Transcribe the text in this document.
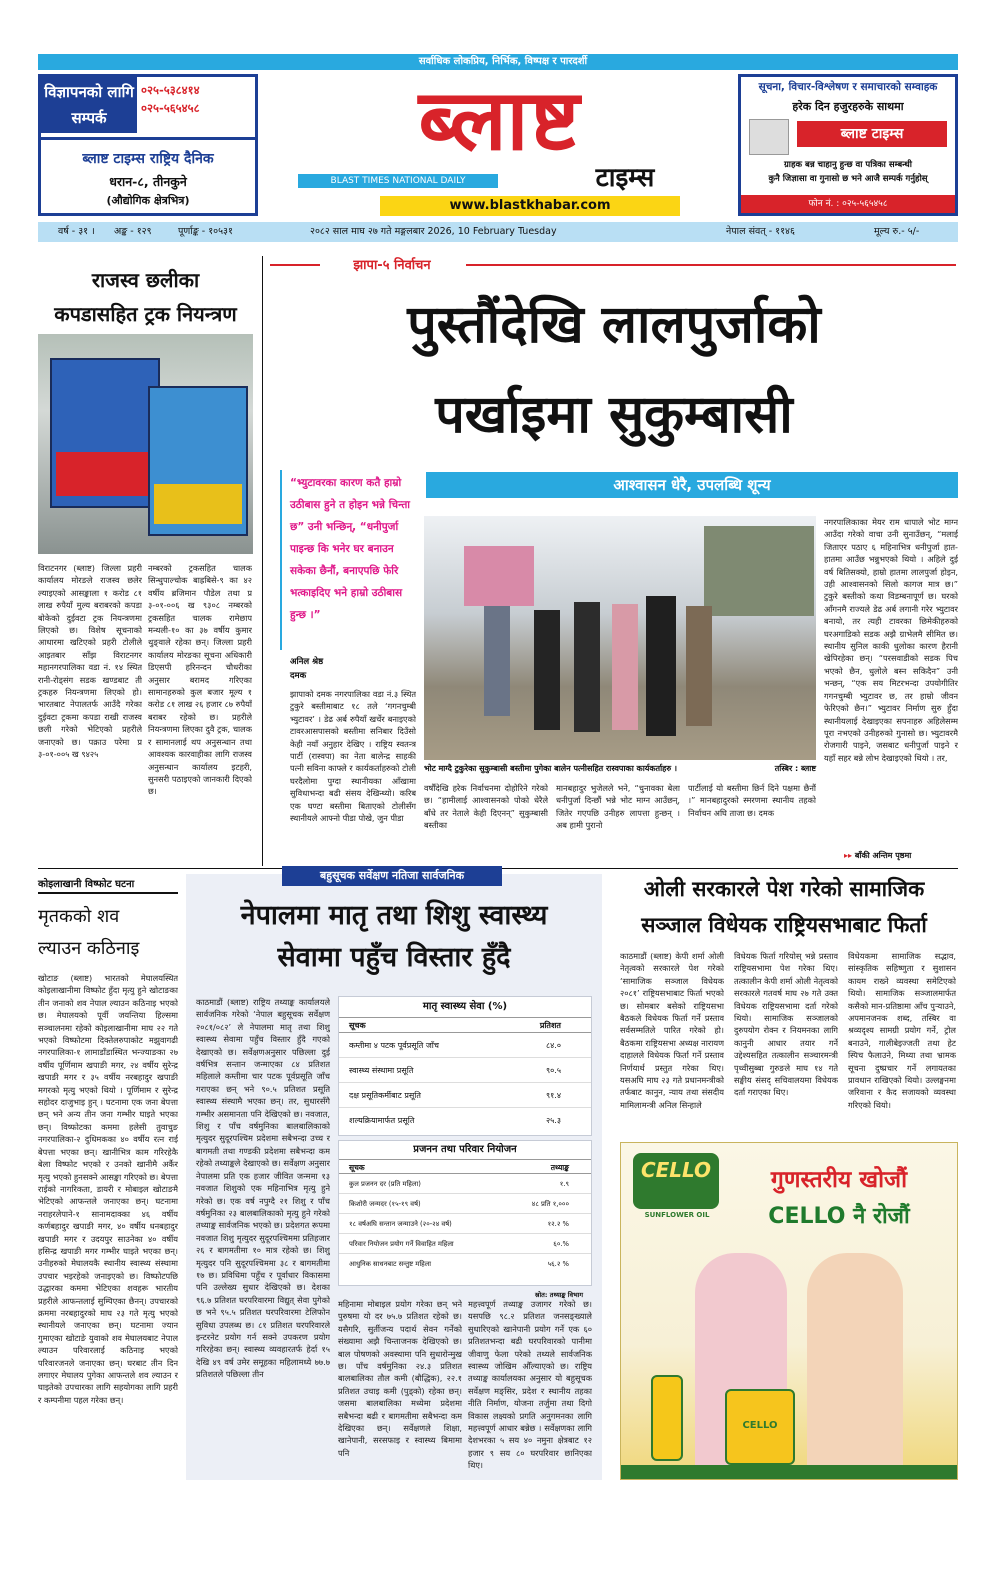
सर्वाधिक लोकप्रिय, निर्भिक, विष्पक्ष र पारदर्शी
विज्ञापनको लागि सम्पर्क
०२५-५३८४१४
०२५-५६५४५८
ब्लाष्ट टाइम्स राष्ट्रिय दैनिक
धरान-८, तीनकुने
(औद्योगिक क्षेत्रभित्र)
ब्लाष्ट
BLAST TIMES NATIONAL DAILY	टाइम्स
www.blastkhabar.com
सूचना, विचार-विश्लेषण र समाचारको सम्वाहक
हरेक दिन हजुरहरुके साथमा
ब्लाष्ट टाइम्स
ग्राहक बन्न चाहानु हुन्छ वा पत्रिका सम्बन्धी
कुनै जिज्ञासा वा गुनासो छ भने आजै सम्पर्क गर्नुहोस्
फोन नं. : ०२५-५६५४५८
वर्ष - ३१ । अङ्क - १२९	पूर्णाङ्क - १०५३१	२०८२ साल माघ २७ गते मङ्गलबार 2026, 10 February Tuesday	नेपाल संवत् - ११४६	मूल्य रु.- ५/-
राजस्व छलीका
कपडासहित ट्रक नियन्त्रण
विराटनगर (ब्लाष्ट) जिल्ला प्रहरी कार्यालय मोरङले राजस्व छलेर ल्याइएको आसङ्काला १ करोड ८१ लाख रुपैयाँ मुल्य बराबरको कपडा बोकेको दुईवटा ट्रक नियन्त्रणमा लिएको छ। विशेष सूचनाको आधारमा खटिएको प्रहरी टोलीले आइतबार साँझ विराटनगर महानगरपालिका वडा नं. १४ स्थित रानी-रोड्संग सडक खण्डबाट ती ट्रकहरु नियन्त्रणमा लिएको हो। भारतबाट नेपालतर्फ आउँदै गरेका दुईवटा ट्रकमा कपडा राखी राजस्व छली गरेको भेटिएको प्रहरीले जनाएको छ। पक्राउ परेमा प्र ३-०१-००५ ख ९४२५
नम्बरको ट्रकसहित चालक सिन्धुपाल्चोक बाह्रबिसे-९ का ४२ वर्षीय ब्रजिमान पौडेल तथा प्र ३-०१-००६ ख ९३०८ नम्बरको ट्रकसहित चालक रामेछाप मन्थली-१० का ३७ वर्षीय कुमार थुङ्वाले रहेका छन्। जिल्ला प्रहरी कार्यालय मोरङका सूचना अधिकारी डिएसपी हरिनन्दन चौधरीका अनुसार बरामद गरिएका सामानहरुको कुल बजार मूल्य १ करोड ८१ लाख २६ हजार ८७ रुपैयाँ बराबर रहेको छ। प्रहरीले नियन्त्रणमा लिएका दुवै ट्रक, चालक र सामानलाई थप अनुसन्धान तथा आवश्यक कारवाहीका लागि राजस्व अनुसन्धान कार्यालय इटहरी, सुनसरी पठाइएको जानकारी दिएको छ।
झापा-५ निर्वाचन
पुस्तौंदेखि लालपुर्जाको
पर्खाइमा सुकुम्बासी
आश्वासन धेरै, उपलब्धि शून्य
“भ्युटावरका कारण कतै हाम्रो उठीबास हुने त होइन भन्ने चिन्ता छ” उनी भन्छिन्, “धनीपुर्जा पाइन्छ कि भनेर घर बनाउन सकेका छैनौं, बनाएपछि फेरि भत्काइदिए भने हाम्रो उठीबास हुन्छ ।”
अनिल श्रेष्ठ
दमक
झापाको दमक नगरपालिका वडा नं.३ स्थित टुकुरे बस्तीमाबाट १८ तले ‘गगनचुम्बी भ्युटावर’ । डेढ अर्ब रुपैयाँ खर्चेर बनाइएको टावरआसपासको बस्तीमा सनिबार दिउँसो केही नयाँ अनुहार देखिए । राष्ट्रिय स्वतन्त्र पार्टी (रास्वपा) का नेता बालेन्द्र साहकी पत्नी सविना काफ्ले र कार्यकर्ताहरुको टोली घरदैलोमा पुग्दा स्थानीयका आँखामा सुविधाभन्दा बढी संसय देखिन्थ्यो। करिब एक घण्टा बस्तीमा बिताएको टोलीसँग स्थानीयले आफ्नो पीडा पोखे, जुन पीडा
भोट माग्दै टुकुरेका सुकुम्बासी बस्तीमा पुगेका बालेन पत्नीसहित रास्वपाका कार्यकर्ताहरु ।	तस्बिर : ब्लाष्ट
वर्षौंदेखि हरेक निर्वाचनमा दोहोरिने गरेको छ। “हामीलाई आश्वासनको पोको धेरैले बाँधे तर नेताले केही दिएनन्” सुकुम्बासी बस्तीका
मानबहादुर भुजेलले भने, “चुनावका बेला धनीपुर्जा दिन्छौं भन्ने भोट माग्न आउँछन्, जितेर गएपछि उनीहरु लापत्ता हुन्छन् । अब हामी पुरानो
पार्टीलाई यो बस्तीमा छिर्न दिने पक्षमा छैनौं ।” मानबहादुरको स्मरणमा स्थानीय तहको निर्वाचन अघि ताजा छ। दमक
नगरपालिकाका मेयर राम धापाले भोट माग्न आउँदा गरेको वाचा उनी सुनाउँछन्, “मलाई जिताएर पठाए ६ महिनाभित्र धनीपुर्जा हात-हातमा आउँछ भन्नुभएको थियो । अहिले दुई वर्ष बितिसक्यो, हाम्रो हातमा लालपुर्जा होइन, उही आश्वासनको सिलो कागज मात्र छ।” टुकुरे बस्तीको कथा विडम्बनापूर्ण छ। घरको आँगनमै राज्यले डेढ अर्ब लगानी गरेर भ्युटावर बनायो, तर त्यही टावरका छिमेकीहरुको घरअगाडिको सडक अझै ग्राभेलमै सीमित छ। स्थानीय सुनिल काकी धुलोका कारण हैरानी खेपिरहेका छन्। “परसवाडीको सडक पिच भएको छैन, धुलोले बस्न सकिदैन” उनी भन्छन्, “एक सय मिटरभन्दा उपयोगीतिर गगनचुम्बी भ्युटावर छ, तर हाम्रो जीवन फेरिएको छैन।” भ्युटावर निर्माण सुरु हुँदा स्थानीयलाई देखाइएका सपनाहरु अहिलेसम्म पूरा नभएको उनीहरुको गुनासो छ। भ्युटावरमै रोजगारी पाइने, जसबाट धनीपुर्जा पाइने र यहाँ सहर बन्ने लोभ देखाइएको थियो । तर,
▸▸ बाँकी अन्तिम पृष्ठमा
कोइलाखानी विष्फोट घटना
मृतकको शव
ल्याउन कठिनाइ
खोटाङ (ब्लाष्ट) भारतको मेघालयस्थित कोइलाखानीमा विष्फोट हुँदा मृत्यु हुने खोटाङका तीन जनाको शव नेपाल ल्याउन कठिनाइ भएको छ। मेघालयको पूर्वी जयन्तिया हिल्समा सञ्चालनमा रहेको कोइलाखानीमा माघ २२ गते भएको विष्फोटमा दिक्तेलरुपाकोट मझुवागढी नगरपालिका-१ लामाडाँडास्थित भन्ज्याङका २७ वर्षीय पूर्णिमाम खपाङी मगर, २४ वर्षीय सुरेन्द्र खपाङी मगर र ३५ वर्षीय नरबहादुर खपाङी मगरको मृत्यु भएको थियो । पूर्णिमाम र सुरेन्द्र सहोदर दाजुभाइ हुन् । घटनामा एक जना बेपत्ता छन् भने अन्य तीन जना गम्भीर घाइते भएका छन्। विष्फोटका कममा हलेसी तुवाचुङ नगरपालिका-२ दुधिमकका ४० वर्षीय रत्न राई बेपत्ता भएका छन्। खानीभित्र काम गरिरहेकै बेला विष्फोट भएको र उनको खानीमै अर्कैर मृत्यु भएको हुनसक्ने आसङ्का गरिएको छ। बेपत्ता राईको नागरिकता, डायरी र मोबाइल खोटाङमै भेटिएको आफन्तले जनाएका छन्। घटनामा नराहरलेपाने-१ सानामदाक्का ४६ वर्षीय कर्णबहादुर खपाङी मगर, ४० वर्षीय धनबहादुर खपाङी मगर र उदयपुर साउनेका ४० वर्षीय हसिन्द्र खपाङी मगर गम्भीर घाइते भएका छन्। उनीहरुको मेघालयकै स्थानीय स्वास्थ्य संस्थामा उपचार भइरहेको जनाइएको छ। विष्फोटपछि उद्धारका कममा भेटिएका शवहरू भारतीय प्रहरीले आफन्तलाई सुम्पिएका छैनन्। उपचारको क्रममा नरबहादुरको माघ २३ गते मृत्यु भएको स्थानीयले जनाएका छन्। घटनामा ज्यान गुमाएका खोटाङे युवाको शव मेघालयबाट नेपाल ल्याउन परिवारलाई कठिनाइ भएको परिवारजनले जनाएका छन्। घरबाट तीन दिन लगाएर मेघालय पुगेका आफन्तले शव ल्याउन र घाइतेको उपचारका लागि सहयोगका लागि प्रहरी र कम्पनीमा पहल गरेका छन्।
बहुसूचक सर्वेक्षण नतिजा सार्वजनिक
नेपालमा मातृ तथा शिशु स्वास्थ्य
सेवामा पहुँच विस्तार हुँदै
काठमाडौं (ब्लाष्ट) राष्ट्रिय तथ्याङ्क कार्यालयले सार्वजनिक गरेको ‘नेपाल बहुसूचक सर्वेक्षण २०८१/०८२’ ले नेपालमा मातृ तथा शिशु स्वास्थ्य सेवामा पहुँच विस्तार हुँदै गएको देखाएको छ। सर्वेक्षणअनुसार पछिल्ला दुई वर्षभित्र सन्तान जन्माएका ८४ प्रतिशत महिलाले कम्तीमा चार पटक पूर्वप्रसूति जाँच गराएका छन् भने ९०.५ प्रतिशत प्रसूति स्वास्थ्य संस्थामै भएका छन्। तर, सुधारसँगै गम्भीर असमानता पनि देखिएको छ। नवजात, शिशु र पाँच वर्षमुनिका बालबालिकाको मृत्युदर सुदूरपश्चिम प्रदेशमा सबैभन्दा उच्च र बागमती तथा गण्डकी प्रदेशमा सबैभन्दा कम रहेको तथ्याङ्कले देखाएको छ। सर्वेक्षण अनुसार नेपालमा प्रति एक हजार जीवित जन्ममा १३ नवजात शिशुको एक महिनाभित्र मृत्यु हुने गरेको छ। एक वर्ष नपुग्दै २१ शिशु र पाँच वर्षमुनिका २३ बालबालिकाको मृत्यु हुने गरेको तथ्याङ्क सार्वजनिक भएको छ। प्रदेशगत रूपमा नवजात शिशु मृत्युदर सुदूरपश्चिममा प्रतिहजार २६ र बागमतीमा १० मात्र रहेको छ। शिशु मृत्युदर पनि सुदूरपश्चिममा ३८ र बागमतीमा १७ छ। प्रविधिमा पहुँच र पूर्वाधार विकासमा पनि उल्लेख्य सुधार देखिएको छ। देशका ९६.७ प्रतिशत घरपरिवारमा विद्युत् सेवा पुगेको छ भने ९५.५ प्रतिशत घरपरिवारमा टेलिफोन सुविधा उपलब्ध छ। ८१ प्रतिशत घरपरिवारले इन्टरनेट प्रयोग गर्न सक्ने उपकरण प्रयोग गरिरहेका छन्। स्वास्थ्य व्यवहारतर्फ हेर्दा १५ देखि ४९ वर्ष उमेर समूहका महिलामध्ये ७७.७ प्रतिशतले पछिल्ला तीन
मातृ स्वास्थ्य सेवा (%)
सूचक	प्रतिशत
कम्तीमा ४ पटक पूर्वप्रसूति जाँच	८४.०
स्वास्थ्य संस्थामा प्रसूति	९०.५
दक्ष प्रसूतिकर्मीबाट प्रसूति	९१.४
शल्यक्रियामार्फत प्रसूति	२५.३
प्रजनन तथा परिवार नियोजन
सूचक	तथ्याङ्क
कुल प्रजनन दर (प्रति महिला)	१.९
किशोरी जन्मदर (१५-१९ वर्ष)	४८ प्रति १,०००
१८ वर्षअघि सन्तान जन्माउने (२०-२४ वर्ष)	१२.२ %
परिवार नियोजन प्रयोग गर्ने विवाहित महिला	६०.%
आधुनिक साधनबाट सन्तुष्ट महिला	५६.२ %
स्रोत: तथ्याङ्क विभाग
महिनामा मोबाइल प्रयोग गरेका छन् भने पुरुषमा यो दर ७५.७ प्रतिशत रहेको छ। यसैगरि, सुर्तीजन्य पदार्थ सेवन गर्नेको संख्यामा अझै चिन्ताजनक देखिएको छ। बाल पोषणको अवस्थामा पनि सुधारोन्मुख छ। पाँच वर्षमुनिका २४.३ प्रतिशत बालबालिका तौल कमी (बौद्धिक), २२.१ प्रतिशत उचाइ कमी (पुड्को) रहेका छन्। जसमा बालबालिका मध्येमा प्रदेशमा सबैभन्दा बढी र बागमतीमा सबैभन्दा कम देखिएका छन्। सर्वेक्षणले शिक्षा, खानेपानी, सरसफाइ र स्वास्थ्य बिमामा पनि
महत्त्वपूर्ण तथ्याङ्क उजागर गरेको छ। यसपछि ९८.२ प्रतिशत जनसङ्ख्याले सुधारिएको खानेपानी प्रयोग गर्ने एक ६० प्रतिशतभन्दा बढी घरपरिवारको पानीमा जीवाणु फेला परेको तथ्यले सार्वजनिक स्वास्थ्य जोखिम औँल्याएको छ। राष्ट्रिय तथ्याङ्क कार्यालयका अनुसार यो बहुसूचक सर्वेक्षण मङ्सिर, प्रदेश र स्थानीय तहका नीति निर्माण, योजना तर्जुमा तथा दिगो विकास लक्ष्यको प्रगति अनुगमनका लागि महत्त्वपूर्ण आधार बन्नेछ । सर्वेक्षणका लागि देशभरका ५ सय ४० नमुना क्षेत्रबाट १२ हजार ९ सय ८० घरपरिवार छानिएका थिए।
ओली सरकारले पेश गरेको सामाजिक
सञ्जाल विधेयक राष्ट्रियसभाबाट फिर्ता
काठमाडौं (ब्लाष्ट) केपी शर्मा ओली नेतृत्वको सरकारले पेश गरेको ‘सामाजिक सञ्जाल विधेयक २०८१’ राष्ट्रियसभाबाट फिर्ता भएको छ। सोमबार बसेको राष्ट्रियसभा बैठकले विधेयक फिर्ता गर्ने प्रस्ताव सर्वसम्मतिले पारित गरेको हो। बैठकमा राष्ट्रियसभा अध्यक्ष नारायण दाहालले विधेयक फिर्ता गर्ने प्रस्ताव निर्णयार्थ प्रस्तुत गरेका थिए। यसअघि माघ २३ गते प्रधानमन्त्रीको तर्फबाट कानुन, न्याय तथा संसदीय मामिलामन्त्री अनिल सिन्हाले
विधेयक फिर्ता गरियोस् भन्ने प्रस्ताव राष्ट्रियसभामा पेश गरेका थिए। तत्कालीन केपी शर्मा ओली नेतृत्वको सरकारले गतवर्ष माघ २७ गते उक्त विधेयक राष्ट्रियसभामा दर्ता गरेको थियो। सामाजिक सञ्जालको दुरुपयोग रोक्न र नियमनका लागि कानुनी आधार तयार गर्ने उद्देश्यसहित तत्कालीन सञ्चारमन्त्री पृथ्वीसुब्बा गुरुङले माघ १४ गते सङ्घीय संसद् सचिवालयमा विधेयक दर्ता गराएका थिए।
विधेयकमा सामाजिक सद्भाव, सांस्कृतिक सहिष्णुता र सुशासन कायम राख्ने व्यवस्था समेटिएको थियो। सामाजिक सञ्जालमार्फत कसैको मान-प्रतिष्ठामा आँच पुऱ्याउने, अपमानजनक शब्द, तस्बिर वा श्रव्यदृश्य सामग्री प्रयोग गर्ने, ट्रोल बनाउने, गालीबेइज्जती तथा हेट स्पिच फैलाउने, मिथ्या तथा भ्रामक सूचना दुष्प्रचार गर्ने लगायतका प्रावधान राखिएको थियो। उल्लङ्घनमा जरिवाना र कैद सजायको व्यवस्था गरिएको थियो।
CELLO
SUNFLOWER OIL
गुणस्तरीय खोजौं
CELLO नै रोजौं
CELLO
